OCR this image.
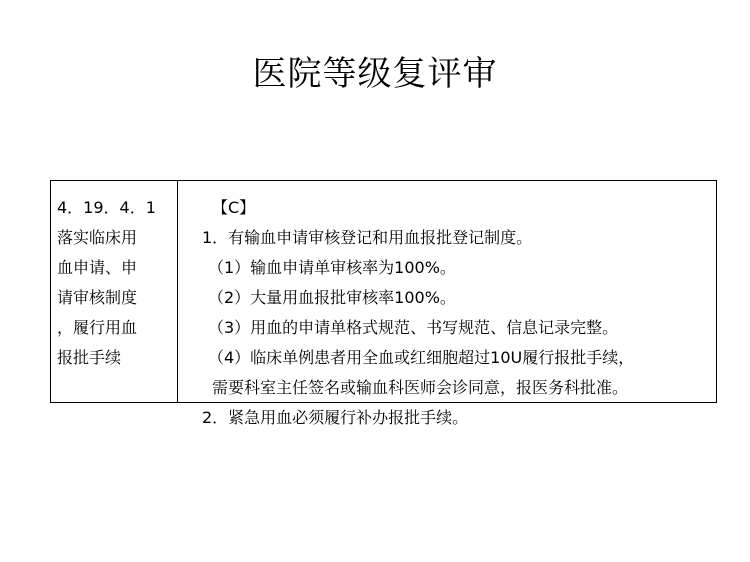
医院等级复评审
4．19．4．1
落实临床用
血申请、申
请审核制度
，履行用血
报批手续
【C】
1．有输血申请审核登记和用血报批登记制度。
（1）输血申请单审核率为100%。
（2）大量用血报批审核率100%。
（3）用血的申请单格式规范、书写规范、信息记录完整。
（4）临床单例患者用全血或红细胞超过10U履行报批手续，
需要科室主任签名或输血科医师会诊同意，报医务科批准。
2．紧急用血必须履行补办报批手续。
